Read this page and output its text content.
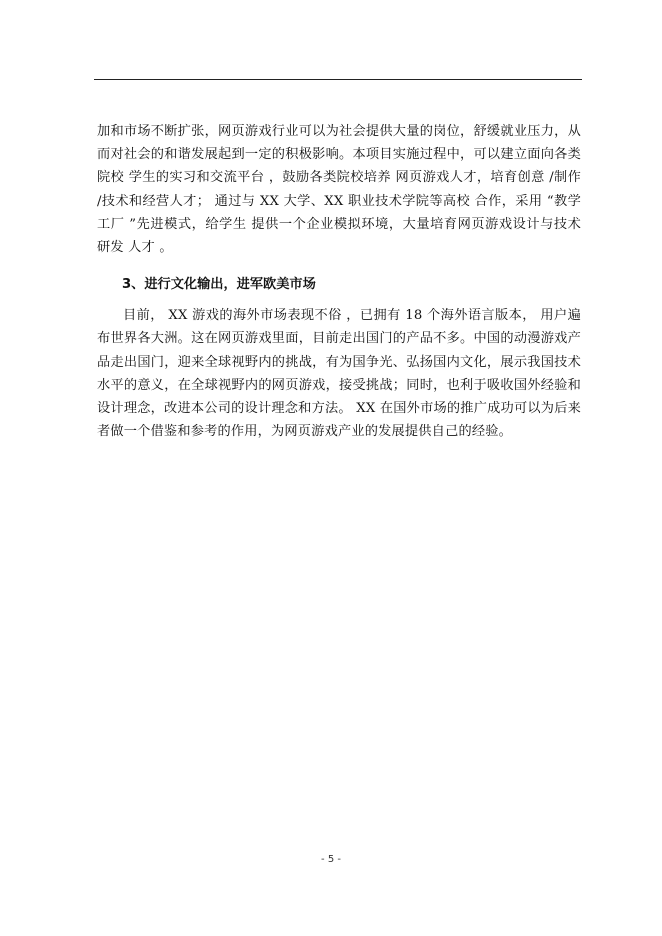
加和市场不断扩张，网页游戏行业可以为社会提供大量的岗位，舒缓就业压力，从而对社会的和谐发展起到一定的积极影响。本项目实施过程中，可以建立面向各类院校 学生的实习和交流平台 ，鼓励各类院校培养 网页游戏人才，培育创意 /制作 /技术和经营人才； 通过与 XX 大学、XX 职业技术学院等高校 合作，采用 “教学工厂 ”先进模式，给学生 提供一个企业模拟环境，大量培育网页游戏设计与技术研发 人才 。

3、进行文化输出，进军欧美市场

目前， XX 游戏的海外市场表现不俗 ，已拥有 18 个海外语言版本， 用户遍布世界各大洲。这在网页游戏里面，目前走出国门的产品不多。中国的动漫游戏产品走出国门，迎来全球视野内的挑战，有为国争光、弘扬国内文化，展示我国技术水平的意义，在全球视野内的网页游戏，接受挑战；同时，也利于吸收国外经验和设计理念，改进本公司的设计理念和方法。 XX 在国外市场的推广成功可以为后来者做一个借鉴和参考的作用，为网页游戏产业的发展提供自己的经验。

- 5 -
